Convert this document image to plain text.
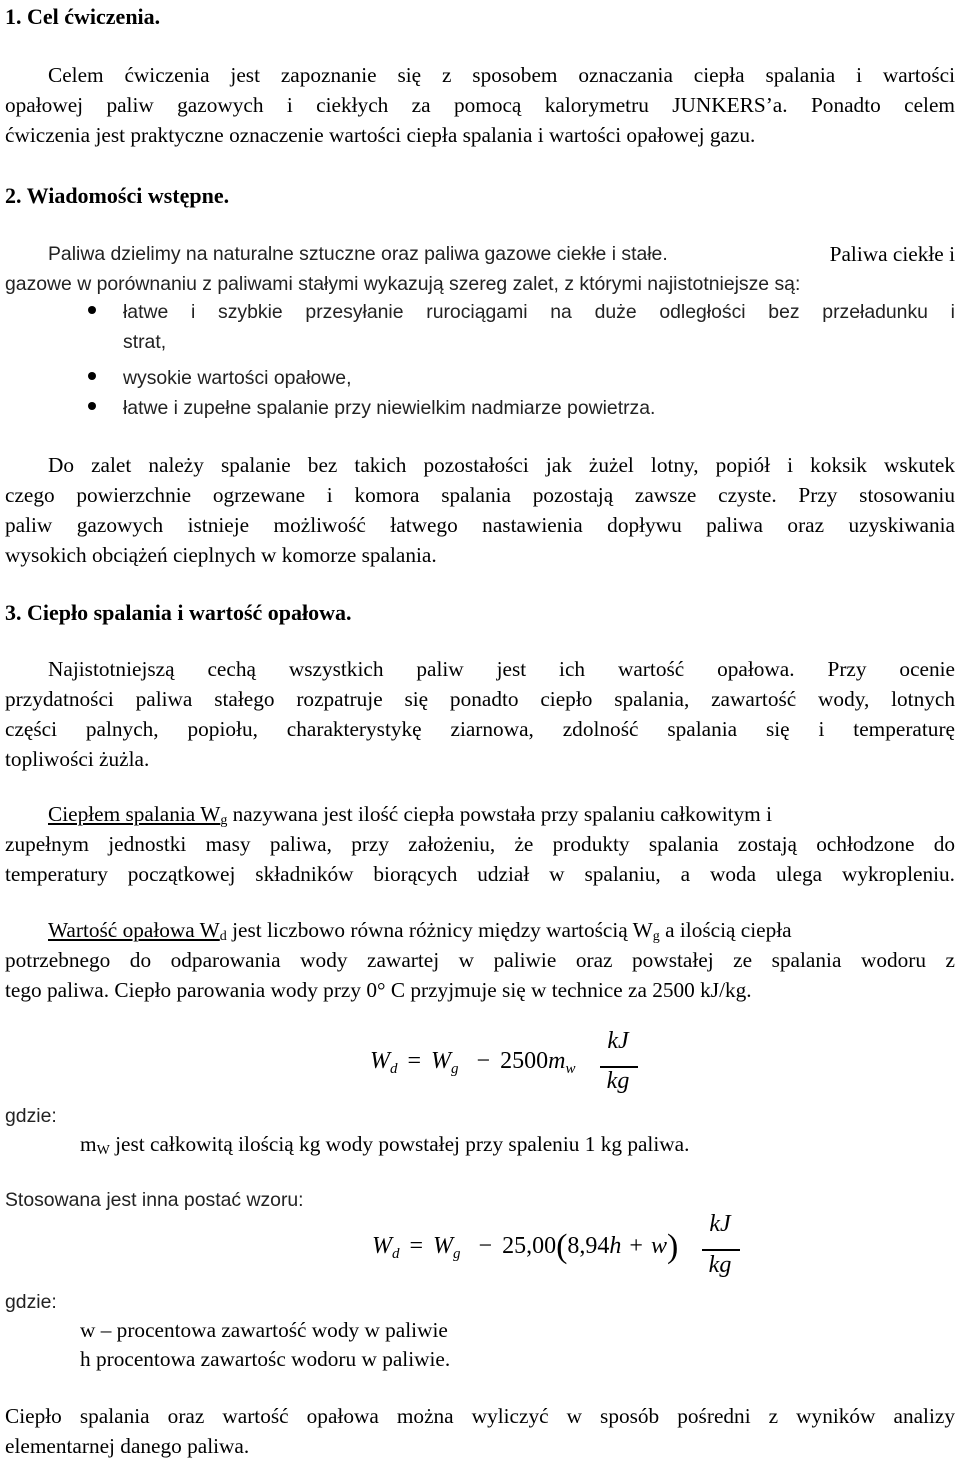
1. Cel ćwiczenia.
Celem ćwiczenia jest zapoznanie się z sposobem oznaczania ciepła spalania i wartości
opałowej paliw gazowych i ciekłych za pomocą kalorymetru JUNKERS’a. Ponadto celem
ćwiczenia jest praktyczne oznaczenie wartości ciepła spalania i wartości opałowej gazu.
2. Wiadomości wstępne.
Paliwa dzielimy na naturalne sztuczne oraz paliwa gazowe ciekłe i stałe.	Paliwa ciekłe i
gazowe w porównaniu z paliwami stałymi wykazują szereg zalet, z którymi najistotniejsze są:
łatwe i szybkie przesyłanie rurociągami na duże odległości bez przeładunku i
strat,
wysokie wartości opałowe,
łatwe i zupełne spalanie przy niewielkim nadmiarze powietrza.
Do zalet należy spalanie bez takich pozostałości jak żużel lotny, popiół i koksik wskutek
czego powierzchnie ogrzewane i komora spalania pozostają zawsze czyste. Przy stosowaniu
paliw gazowych istnieje możliwość łatwego nastawienia dopływu paliwa oraz uzyskiwania
wysokich obciążeń cieplnych w komorze spalania.
3. Ciepło spalania i wartość opałowa.
Najistotniejszą cechą wszystkich paliw jest ich wartość opałowa. Przy ocenie
przydatności paliwa stałego rozpatruje się ponadto ciepło spalania, zawartość wody, lotnych
części palnych, popiołu, charakterystykę ziarnowa, zdolność spalania się i temperaturę
topliwości żużla.
Ciepłem spalania $W_g$ nazywana jest ilość ciepła powstała przy spalaniu całkowitym i
zupełnym jednostki masy paliwa, przy założeniu, że produkty spalania zostają ochłodzone do
temperatury początkowej składników biorących udział w spalaniu, a woda ulega wykropleniu.
Wartość opałowa $W_d$ jest liczbowo równa różnicy między wartością $W_g$ a ilością ciepła
potrzebnego do odparowania wody zawartej w paliwie oraz powstałej ze spalania wodoru z
tego paliwa. Ciepło parowania wody przy 0° C przyjmuje się w technice za 2500 kJ/kg.
$W_d = W_g - 2500m_w$
kJ
kg
gdzie:
$m_W$ jest całkowitą ilością kg wody powstałej przy spaleniu 1 kg paliwa.
Stosowana jest inna postać wzoru:
$W_d = W_g - 25,00(8,94h + w)$
kJ
kg
gdzie:
w – procentowa zawartość wody w paliwie
h procentowa zawartośc wodoru w paliwie.
Ciepło spalania oraz wartość opałowa można wyliczyć w sposób pośredni z wyników analizy
elementarnej danego paliwa.
